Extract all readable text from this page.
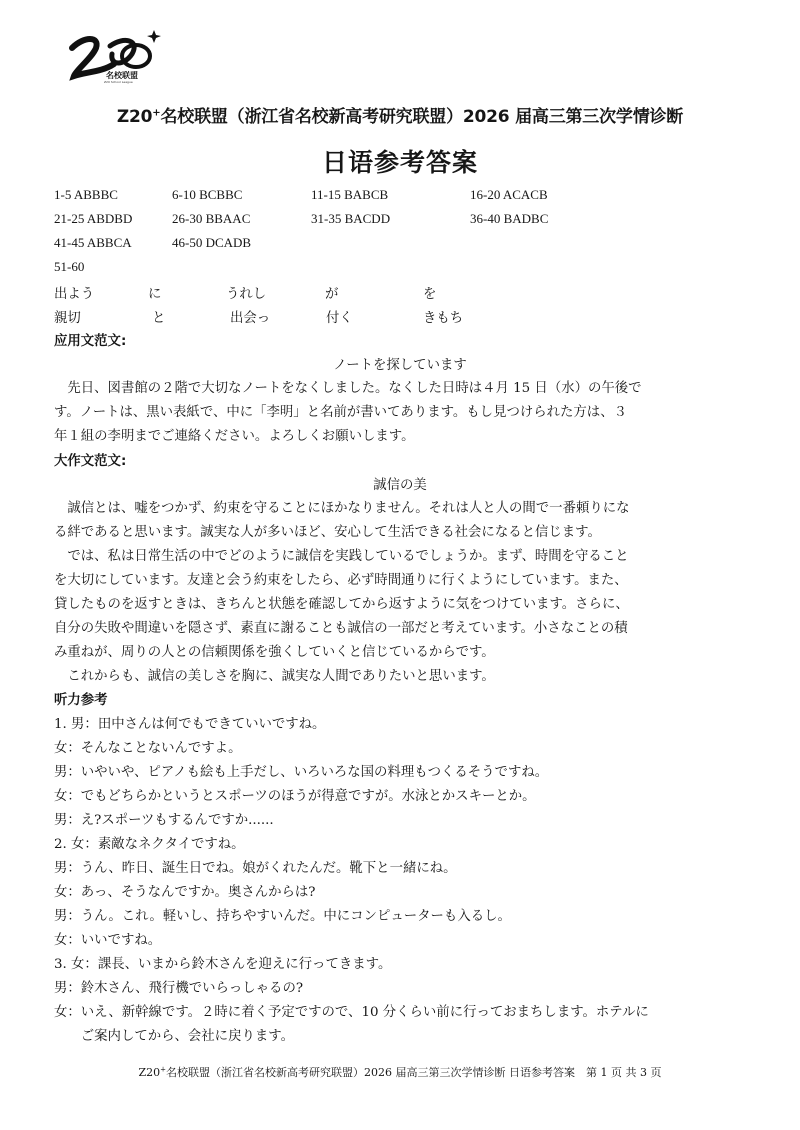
名校联盟
Z20 School League
Z20+名校联盟（浙江省名校新高考研究联盟）2026 届高三第三次学情诊断
日语参考答案
1-5 ABBBC	6-10 BCBBC	11-15 BABCB	16-20 ACACB
21-25 ABDBD	26-30 BBAAC	31-35 BACDD	36-40 BADBC
41-45 ABBCA	46-50 DCADB
51-60
出よう	に	うれし	が	を
親切	と	出会っ	付く	きもち
应用文范文:
ノートを探しています
　先日、図書館の２階で大切なノートをなくしました。なくした日時は４月 15 日（水）の午後で
す。ノートは、黒い表紙で、中に「李明」と名前が書いてあります。もし見つけられた方は、３
年１組の李明までご連絡ください。よろしくお願いします。
大作文范文:
誠信の美
　誠信とは、嘘をつかず、約束を守ることにほかなりません。それは人と人の間で一番頼りにな
る絆であると思います。誠実な人が多いほど、安心して生活できる社会になると信じます。
　では、私は日常生活の中でどのように誠信を実践しているでしょうか。まず、時間を守ること
を大切にしています。友達と会う約束をしたら、必ず時間通りに行くようにしています。また、
貸したものを返すときは、きちんと状態を確認してから返すように気をつけています。さらに、
自分の失敗や間違いを隠さず、素直に謝ることも誠信の一部だと考えています。小さなことの積
み重ねが、周りの人との信頼関係を強くしていくと信じているからです。
　これからも、誠信の美しさを胸に、誠実な人間でありたいと思います。
听力参考
1. 男：田中さんは何でもできていいですね。
女：そんなことないんですよ。
男：いやいや、ピアノも絵も上手だし、いろいろな国の料理もつくるそうですね。
女：でもどちらかというとスポーツのほうが得意ですが。水泳とかスキーとか。
男：え?スポーツもするんですか......
2. 女：素敵なネクタイですね。
男：うん、昨日、誕生日でね。娘がくれたんだ。靴下と一緒にね。
女：あっ、そうなんですか。奥さんからは?
男：うん。これ。軽いし、持ちやすいんだ。中にコンピューターも入るし。
女：いいですね。
3. 女：課長、いまから鈴木さんを迎えに行ってきます。
男：鈴木さん、飛行機でいらっしゃるの?
女：いえ、新幹線です。２時に着く予定ですので、10 分くらい前に行っておまちします。ホテルに
　　ご案内してから、会社に戻ります。
Z20+名校联盟（浙江省名校新高考研究联盟）2026 届高三第三次学情诊断 日语参考答案　第 1 页 共 3 页
